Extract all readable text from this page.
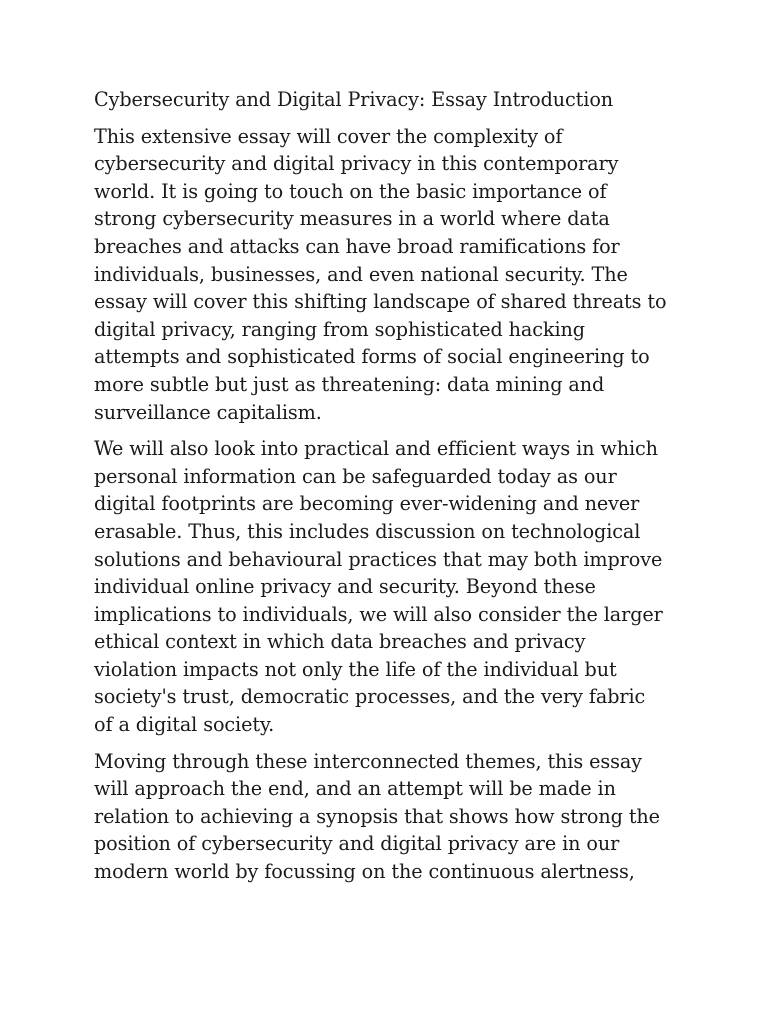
Cybersecurity and Digital Privacy: Essay Introduction

This extensive essay will cover the complexity of
cybersecurity and digital privacy in this contemporary
world. It is going to touch on the basic importance of
strong cybersecurity measures in a world where data
breaches and attacks can have broad ramifications for
individuals, businesses, and even national security. The
essay will cover this shifting landscape of shared threats to
digital privacy, ranging from sophisticated hacking
attempts and sophisticated forms of social engineering to
more subtle but just as threatening: data mining and
surveillance capitalism.

We will also look into practical and efficient ways in which
personal information can be safeguarded today as our
digital footprints are becoming ever-widening and never
erasable. Thus, this includes discussion on technological
solutions and behavioural practices that may both improve
individual online privacy and security. Beyond these
implications to individuals, we will also consider the larger
ethical context in which data breaches and privacy
violation impacts not only the life of the individual but
society's trust, democratic processes, and the very fabric
of a digital society.

Moving through these interconnected themes, this essay
will approach the end, and an attempt will be made in
relation to achieving a synopsis that shows how strong the
position of cybersecurity and digital privacy are in our
modern world by focussing on the continuous alertness,
